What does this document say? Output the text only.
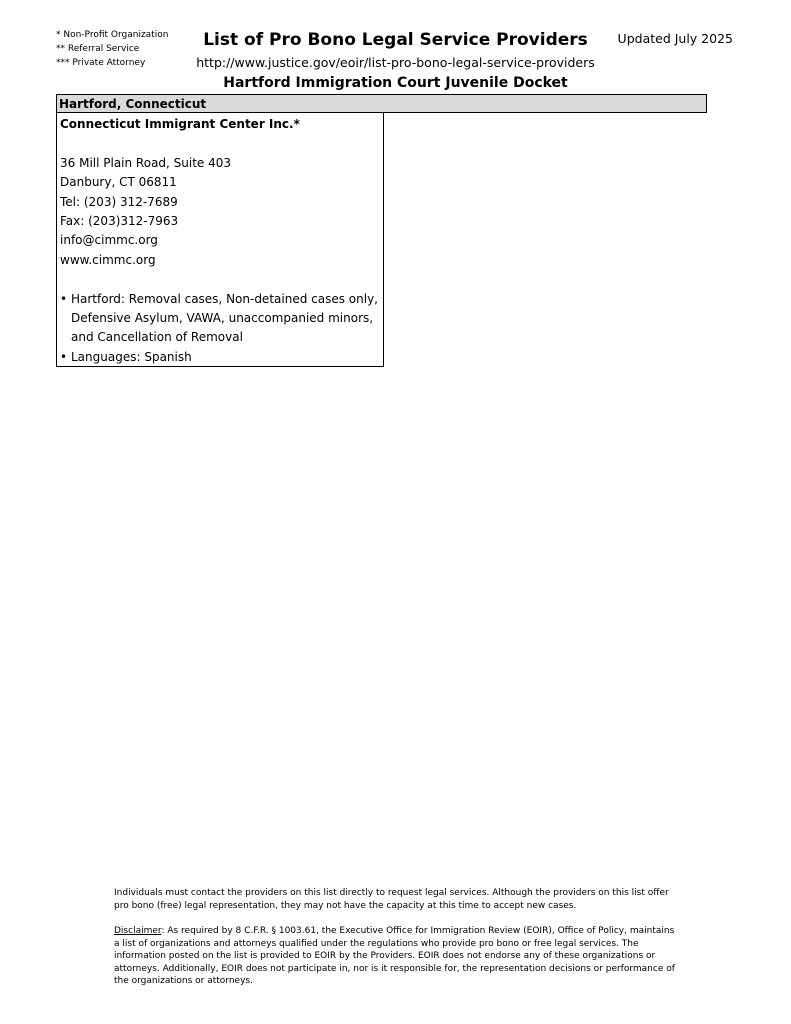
* Non-Profit Organization
** Referral Service
*** Private Attorney
List of Pro Bono Legal Service Providers
http://www.justice.gov/eoir/list-pro-bono-legal-service-providers
Updated July 2025
Hartford Immigration Court Juvenile Docket
Hartford, Connecticut
Connecticut Immigrant Center Inc.*
36 Mill Plain Road, Suite 403
Danbury, CT 06811
Tel: (203) 312-7689
Fax: (203)312-7963
info@cimmc.org
www.cimmc.org
• Hartford: Removal cases, Non-detained cases only, Defensive Asylum, VAWA, unaccompanied minors, and Cancellation of Removal
• Languages: Spanish

Individuals must contact the providers on this list directly to request legal services. Although the providers on this list offer pro bono (free) legal representation, they may not have the capacity at this time to accept new cases.

Disclaimer: As required by 8 C.F.R. § 1003.61, the Executive Office for Immigration Review (EOIR), Office of Policy, maintains a list of organizations and attorneys qualified under the regulations who provide pro bono or free legal services. The information posted on the list is provided to EOIR by the Providers. EOIR does not endorse any of these organizations or attorneys. Additionally, EOIR does not participate in, nor is it responsible for, the representation decisions or performance of the organizations or attorneys.
